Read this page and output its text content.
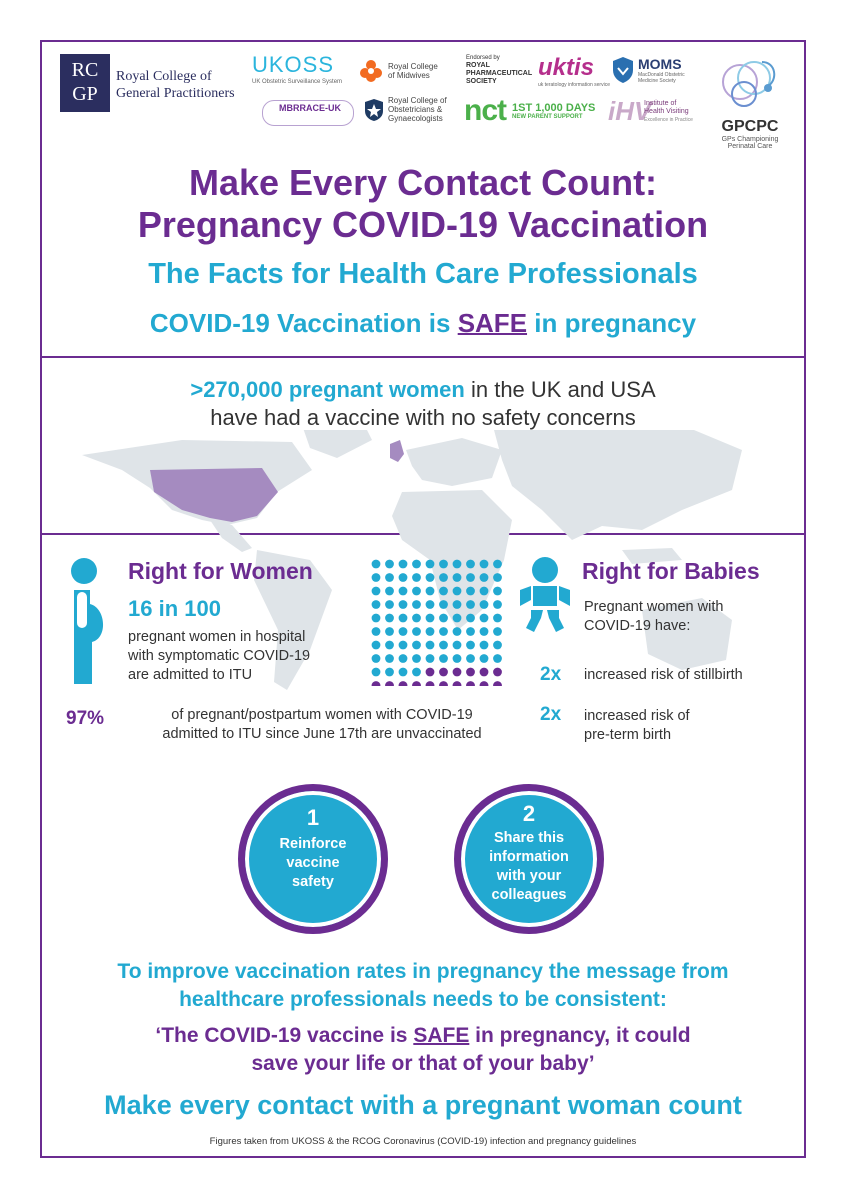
RC
GP
Royal College of
General Practitioners
UKOSS
UK Obstetric Surveillance System
Royal College
of Midwives
Endorsed by
ROYAL
PHARMACEUTICAL
SOCIETY
uktis
uk teratology information service
MOMS
MacDonald Obstetric
Medicine Society
MBRRACE-UK
Royal College of
Obstetricians &
Gynaecologists nct 1ST 1,000 DAYS
NEW PARENT SUPPORT iHV
Institute of
Health Visiting
Excellence in Practice	GPCPC
GPs Championing
Perinatal Care
Make Every Contact Count:
Pregnancy COVID-19 Vaccination
The Facts for Health Care Professionals
COVID-19 Vaccination is SAFE in pregnancy
>270,000 pregnant women in the UK and USA
have had a vaccine with no safety concerns
Right for Women
16 in 100
pregnant women in hospital
with symptomatic COVID-19
are admitted to ITU
97%	of pregnant/postpartum women with COVID-19
admitted to ITU since June 17th are unvaccinated
Right for Babies
Pregnant women with
COVID-19 have:
2x increased risk of stillbirth
2x increased risk of
pre-term birth
1
Reinforce
vaccine
safety
2
Share this
information
with your
colleagues
To improve vaccination rates in pregnancy the message from
healthcare professionals needs to be consistent:
‘The COVID-19 vaccine is SAFE in pregnancy, it could
save your life or that of your baby’
Make every contact with a pregnant woman count
Figures taken from UKOSS & the RCOG Coronavirus (COVID-19) infection and pregnancy guidelines
